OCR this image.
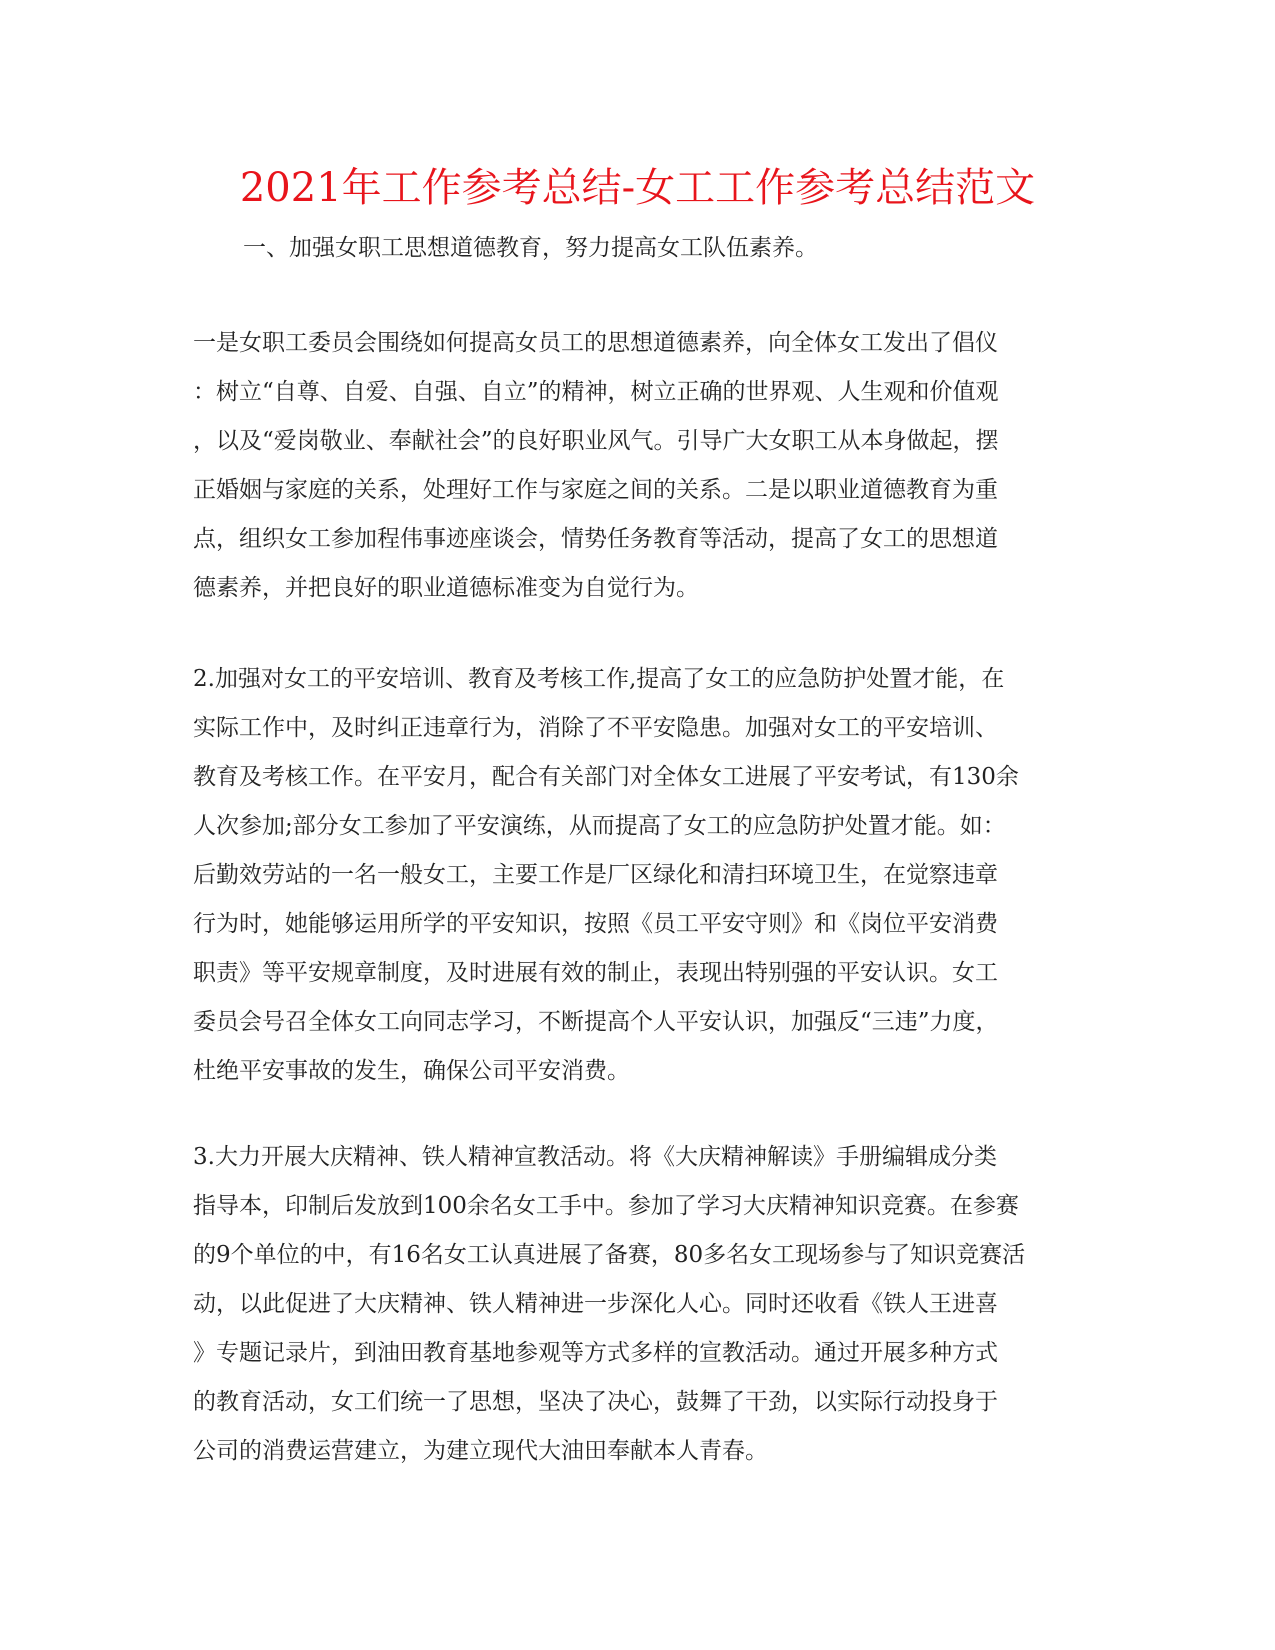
2021年工作参考总结-女工工作参考总结范文

一、加强女职工思想道德教育，努力提高女工队伍素养。

一是女职工委员会围绕如何提高女员工的思想道德素养，向全体女工发出了倡仪
：树立“自尊、自爱、自强、自立”的精神，树立正确的世界观、人生观和价值观
，以及“爱岗敬业、奉献社会”的良好职业风气。引导广大女职工从本身做起，摆
正婚姻与家庭的关系，处理好工作与家庭之间的关系。二是以职业道德教育为重
点，组织女工参加程伟事迹座谈会，情势任务教育等活动，提高了女工的思想道
德素养，并把良好的职业道德标准变为自觉行为。
2.加强对女工的平安培训、教育及考核工作,提高了女工的应急防护处置才能，在
实际工作中，及时纠正违章行为，消除了不平安隐患。加强对女工的平安培训、
教育及考核工作。在平安月，配合有关部门对全体女工进展了平安考试，有130余
人次参加;部分女工参加了平安演练，从而提高了女工的应急防护处置才能。如：
后勤效劳站的一名一般女工，主要工作是厂区绿化和清扫环境卫生，在觉察违章
行为时，她能够运用所学的平安知识，按照《员工平安守则》和《岗位平安消费
职责》等平安规章制度，及时进展有效的制止，表现出特别强的平安认识。女工
委员会号召全体女工向同志学习，不断提高个人平安认识，加强反“三违”力度，
杜绝平安事故的发生，确保公司平安消费。
3.大力开展大庆精神、铁人精神宣教活动。将《大庆精神解读》手册编辑成分类
指导本，印制后发放到100余名女工手中。参加了学习大庆精神知识竞赛。在参赛
的9个单位的中，有16名女工认真进展了备赛，80多名女工现场参与了知识竞赛活
动，以此促进了大庆精神、铁人精神进一步深化人心。同时还收看《铁人王进喜
》专题记录片，到油田教育基地参观等方式多样的宣教活动。通过开展多种方式
的教育活动，女工们统一了思想，坚决了决心，鼓舞了干劲，以实际行动投身于
公司的消费运营建立，为建立现代大油田奉献本人青春。
